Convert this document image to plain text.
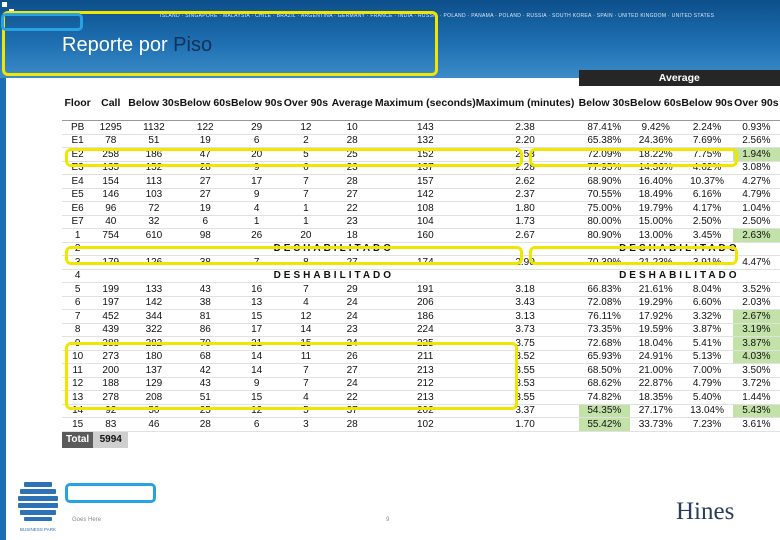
ISLAND · SINGAPORE · MALAYSIA · CHILE · BRAZIL · ARGENTINA · GERMANY · FRANCE · INDIA · RUSSIA · POLAND · PANAMA · POLAND · RUSSIA · SOUTH KOREA · SPAIN · UNITED KINGDOM · UNITED STATES
Reporte por Piso
										Average			
Floor	Call	Below 30s	Below 60s	Below 90s	Over 90s	Average	Maximum (seconds)	Maximum (minutes)		Below 30s	Below 60s	Below 90s	Over 90s
PB	1295	1132	122	29	12	10	143	2.38		87.41%	9.42%	2.24%	0.93%
E1	78	51	19	6	2	28	132	2.20		65.38%	24.36%	7.69%	2.56%
E2	258	186	47	20	5	25	152	2.53		72.09%	18.22%	7.75%	1.94%
E3	135	152	28	9	6	23	137	2.28		77.95%	14.36%	4.62%	3.08%
E4	154	113	27	17	7	28	157	2.62		68.90%	16.40%	10.37%	4.27%
E5	146	103	27	9	7	27	142	2.37		70.55%	18.49%	6.16%	4.79%
E6	96	72	19	4	1	22	108	1.80		75.00%	19.79%	4.17%	1.04%
E7	40	32	6	1	1	23	104	1.73		80.00%	15.00%	2.50%	2.50%
1	754	610	98	26	20	18	160	2.67		80.90%	13.00%	3.45%	2.63%
2	DESHABILITADO									DESHABILITADO			
3	179	126	38	7	8	27	174	2.90		70.39%	21.23%	3.91%	4.47%
4	DESHABILITADO									DESHABILITADO			
5	199	133	43	16	7	29	191	3.18		66.83%	21.61%	8.04%	3.52%
6	197	142	38	13	4	24	206	3.43		72.08%	19.29%	6.60%	2.03%
7	452	344	81	15	12	24	186	3.13		76.11%	17.92%	3.32%	2.67%
8	439	322	86	17	14	23	224	3.73		73.35%	19.59%	3.87%	3.19%
9	388	282	70	21	15	24	225	3.75		72.68%	18.04%	5.41%	3.87%
10	273	180	68	14	11	26	211	3.52		65.93%	24.91%	5.13%	4.03%
11	200	137	42	14	7	27	213	3.55		68.50%	21.00%	7.00%	3.50%
12	188	129	43	9	7	24	212	3.53		68.62%	22.87%	4.79%	3.72%
13	278	208	51	15	4	22	213	3.55		74.82%	18.35%	5.40%	1.44%
14	92	50	25	12	5	37	202	3.37		54.35%	27.17%	13.04%	5.43%
15	83	46	28	6	3	28	102	1.70		55.42%	33.73%	7.23%	3.61%
Total	5994												
BUSINESS PARK
Goes Here	9	Hines
